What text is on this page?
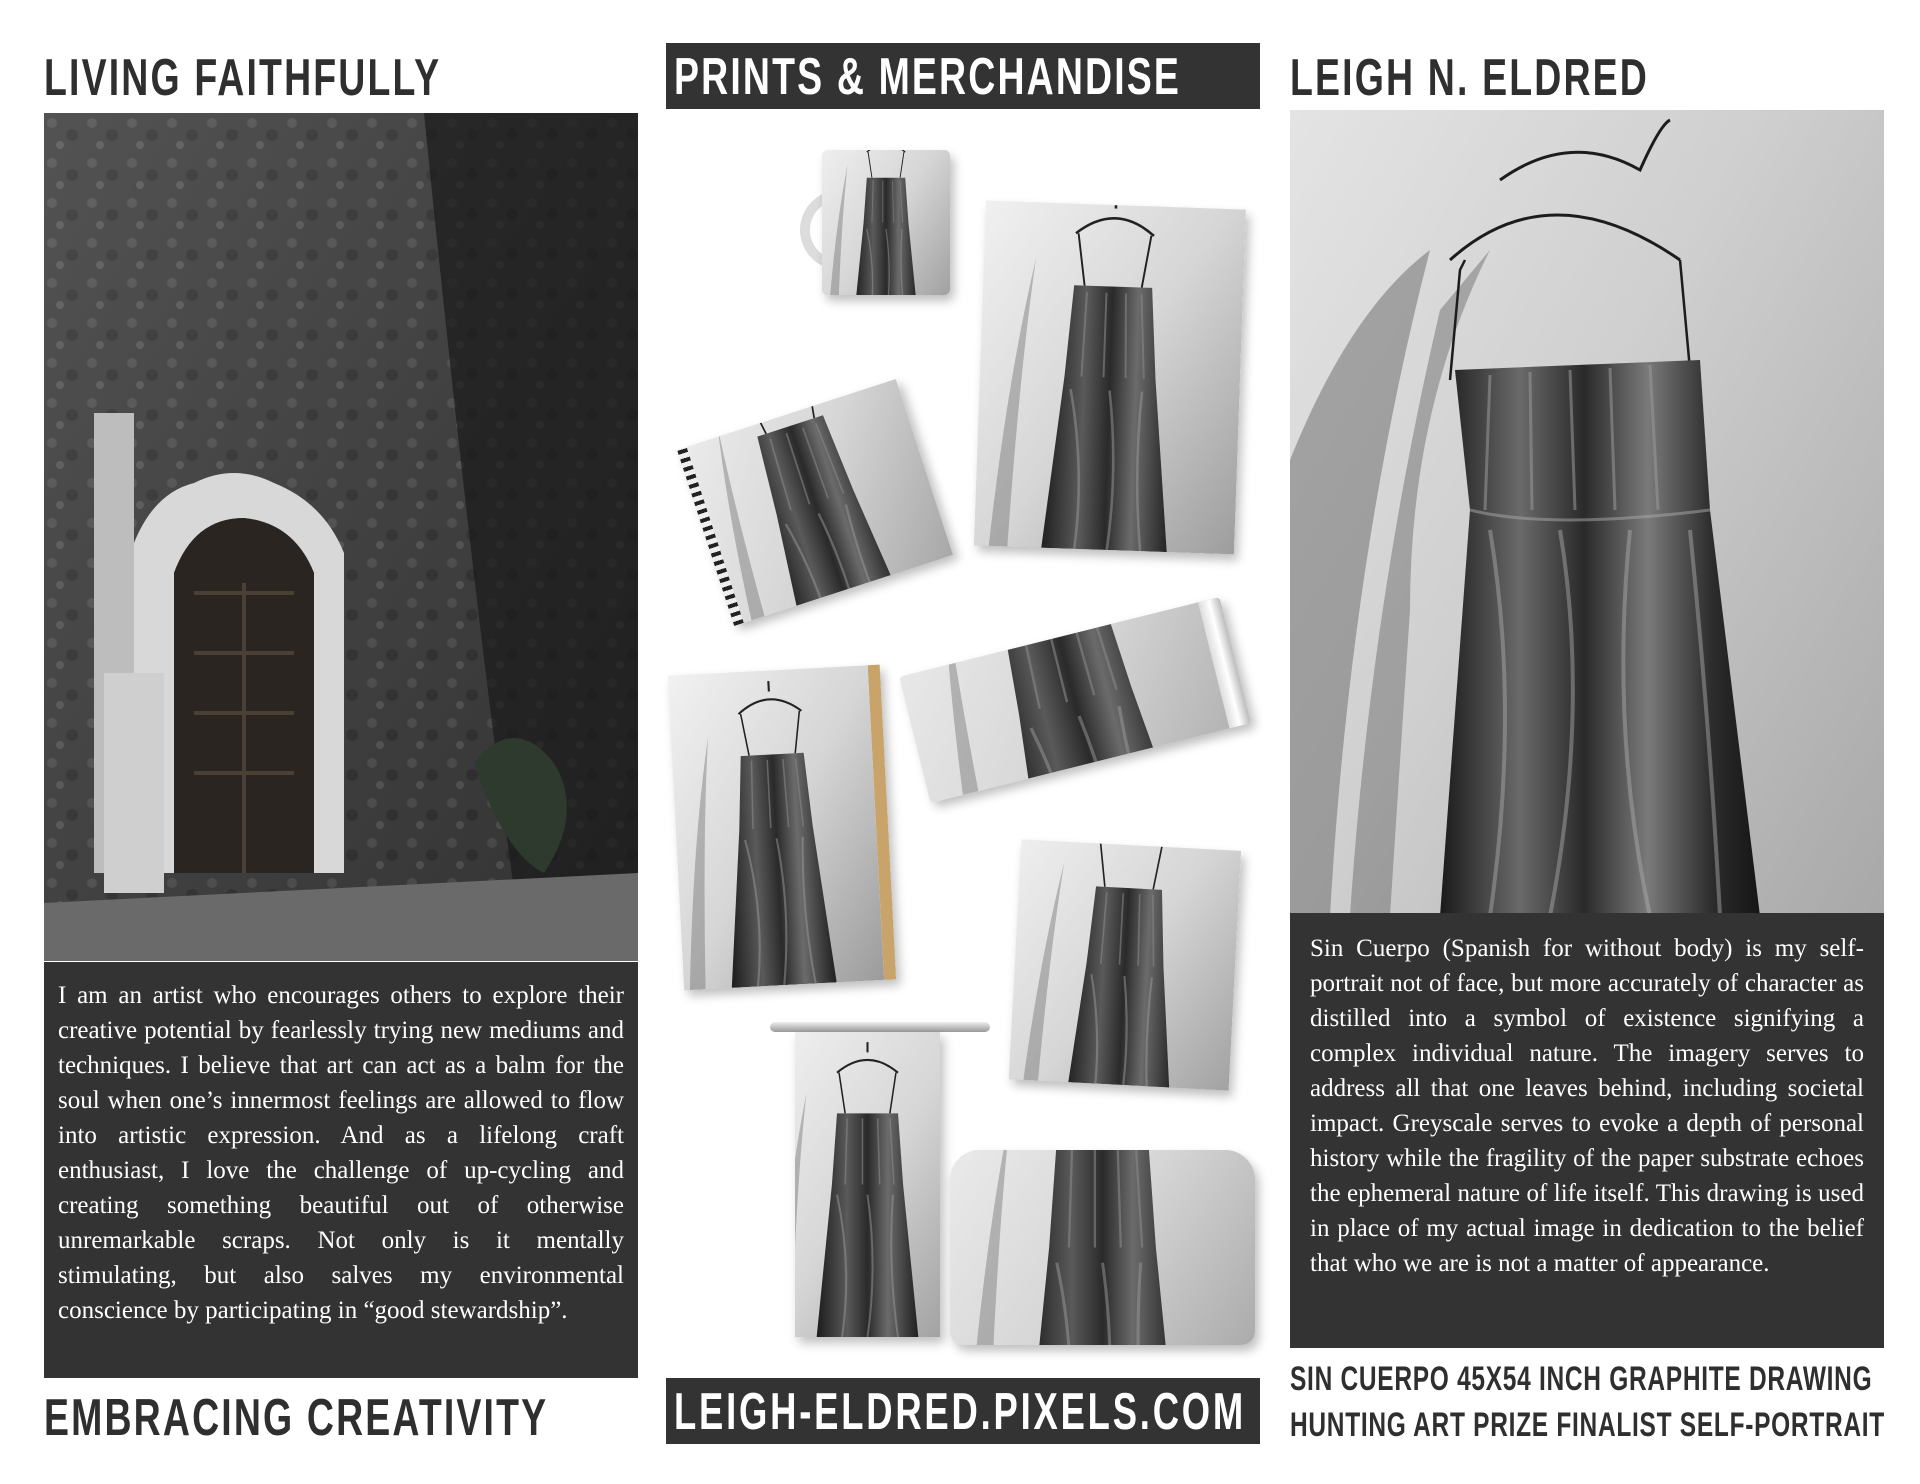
LIVING FAITHFULLY
I am an artist who encourages others to explore their creative potential by fearlessly trying new mediums and techniques. I believe that art can act as a balm for the soul when one’s innermost feelings are allowed to flow into artistic expression. And as a lifelong craft enthusiast, I love the challenge of up-cycling and creating something beautiful out of otherwise unremarkable scraps. Not only is it mentally stimulating, but also salves my environmental conscience by participating in “good stewardship”.
EMBRACING CREATIVITY
PRINTS & MERCHANDISE
LEIGH-ELDRED.PIXELS.COM
LEIGH N. ELDRED
Sin Cuerpo (Spanish for without body) is my self-portrait not of face, but more accurately of character as distilled into a symbol of existence signifying a complex individual nature. The imagery serves to address all that one leaves behind, including societal impact. Greyscale serves to evoke a depth of personal history while the fragility of the paper substrate echoes the ephemeral nature of life itself. This drawing is used in place of my actual image in dedication to the belief that who we are is not a matter of appearance.
SIN CUERPO 45X54 INCH GRAPHITE DRAWING
HUNTING ART PRIZE FINALIST SELF-PORTRAIT
